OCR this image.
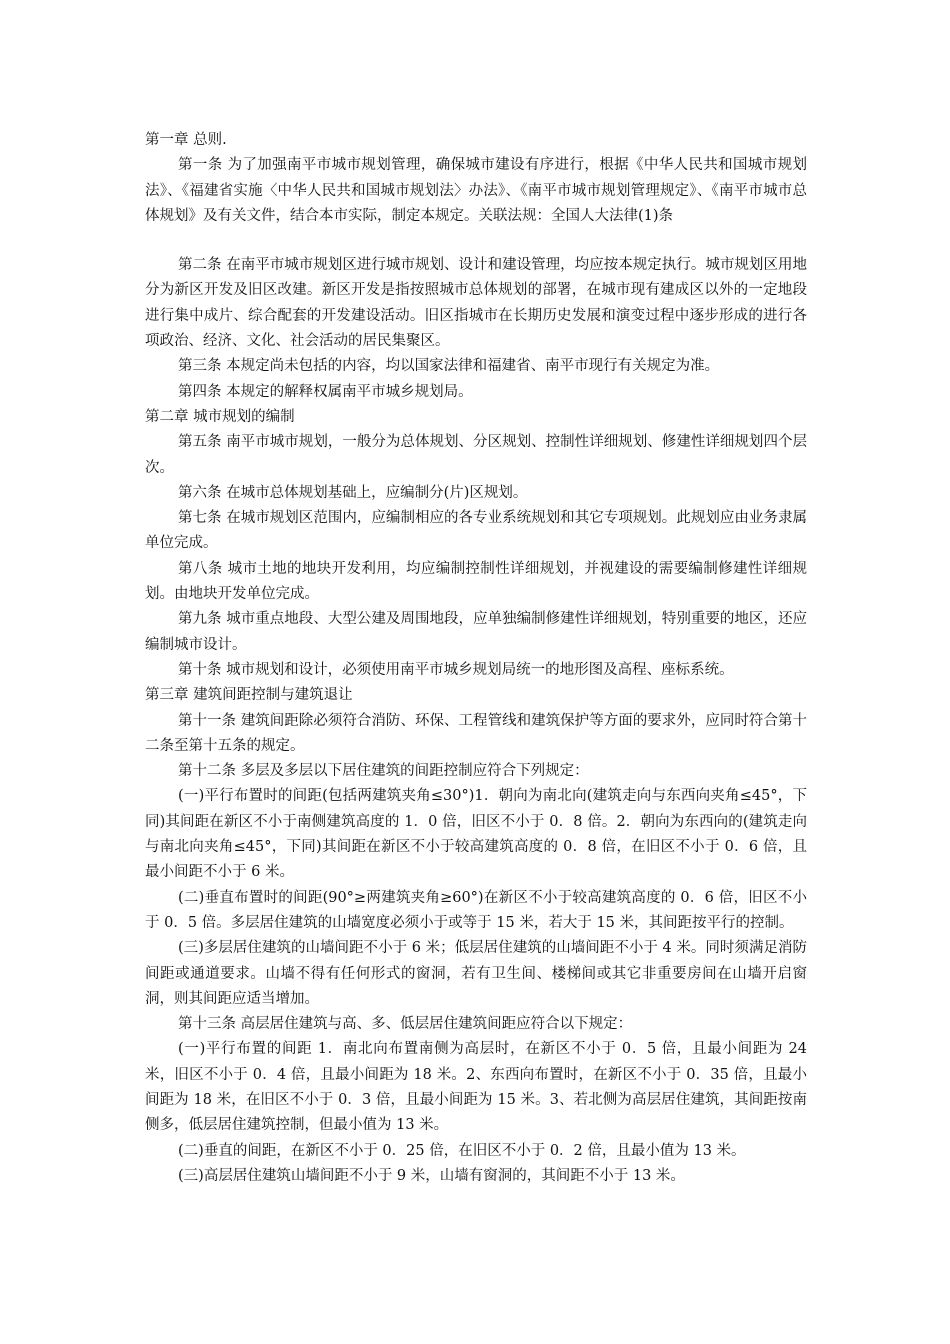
第一章 总则.

第一条 为了加强南平市城市规划管理，确保城市建设有序进行，根据《中华人民共和国城市规划法》、《福建省实施〈中华人民共和国城市规划法〉办法》、《南平市城市规划管理规定》、《南平市城市总体规划》及有关文件，结合本市实际，制定本规定。关联法规：全国人大法律(1)条

第二条 在南平市城市规划区进行城市规划、设计和建设管理，均应按本规定执行。城市规划区用地分为新区开发及旧区改建。新区开发是指按照城市总体规划的部署，在城市现有建成区以外的一定地段进行集中成片、综合配套的开发建设活动。旧区指城市在长期历史发展和演变过程中逐步形成的进行各项政治、经济、文化、社会活动的居民集聚区。

第三条 本规定尚未包括的内容，均以国家法律和福建省、南平市现行有关规定为准。

第四条 本规定的解释权属南平市城乡规划局。

第二章 城市规划的编制

第五条 南平市城市规划，一般分为总体规划、分区规划、控制性详细规划、修建性详细规划四个层次。

第六条 在城市总体规划基础上，应编制分(片)区规划。

第七条 在城市规划区范围内，应编制相应的各专业系统规划和其它专项规划。此规划应由业务隶属单位完成。

第八条 城市土地的地块开发利用，均应编制控制性详细规划，并视建设的需要编制修建性详细规划。由地块开发单位完成。

第九条 城市重点地段、大型公建及周围地段，应单独编制修建性详细规划，特别重要的地区，还应编制城市设计。

第十条 城市规划和设计，必须使用南平市城乡规划局统一的地形图及高程、座标系统。

第三章 建筑间距控制与建筑退让

第十一条 建筑间距除必须符合消防、环保、工程管线和建筑保护等方面的要求外，应同时符合第十二条至第十五条的规定。

第十二条 多层及多层以下居住建筑的间距控制应符合下列规定：

(一)平行布置时的间距(包括两建筑夹角≤30°)1．朝向为南北向(建筑走向与东西向夹角≤45°，下同)其间距在新区不小于南侧建筑高度的 1．0 倍，旧区不小于 0．8 倍。2．朝向为东西向的(建筑走向与南北向夹角≤45°，下同)其间距在新区不小于较高建筑高度的 0．8 倍，在旧区不小于 0．6 倍，且最小间距不小于 6 米。

(二)垂直布置时的间距(90°≥两建筑夹角≥60°)在新区不小于较高建筑高度的 0．6 倍，旧区不小于 0．5 倍。多层居住建筑的山墙宽度必须小于或等于 15 米，若大于 15 米，其间距按平行的控制。

(三)多层居住建筑的山墙间距不小于 6 米；低层居住建筑的山墙间距不小于 4 米。同时须满足消防间距或通道要求。山墙不得有任何形式的窗洞，若有卫生间、楼梯间或其它非重要房间在山墙开启窗洞，则其间距应适当增加。

第十三条 高层居住建筑与高、多、低层居住建筑间距应符合以下规定：

(一)平行布置的间距 1．南北向布置南侧为高层时，在新区不小于 0．5 倍，且最小间距为 24 米，旧区不小于 0．4 倍，且最小间距为 18 米。2、东西向布置时，在新区不小于 0．35 倍，且最小间距为 18 米，在旧区不小于 0．3 倍，且最小间距为 15 米。3、若北侧为高层居住建筑，其间距按南侧多，低层居住建筑控制，但最小值为 13 米。

(二)垂直的间距，在新区不小于 0．25 倍，在旧区不小于 0．2 倍，且最小值为 13 米。

(三)高层居住建筑山墙间距不小于 9 米，山墙有窗洞的，其间距不小于 13 米。
